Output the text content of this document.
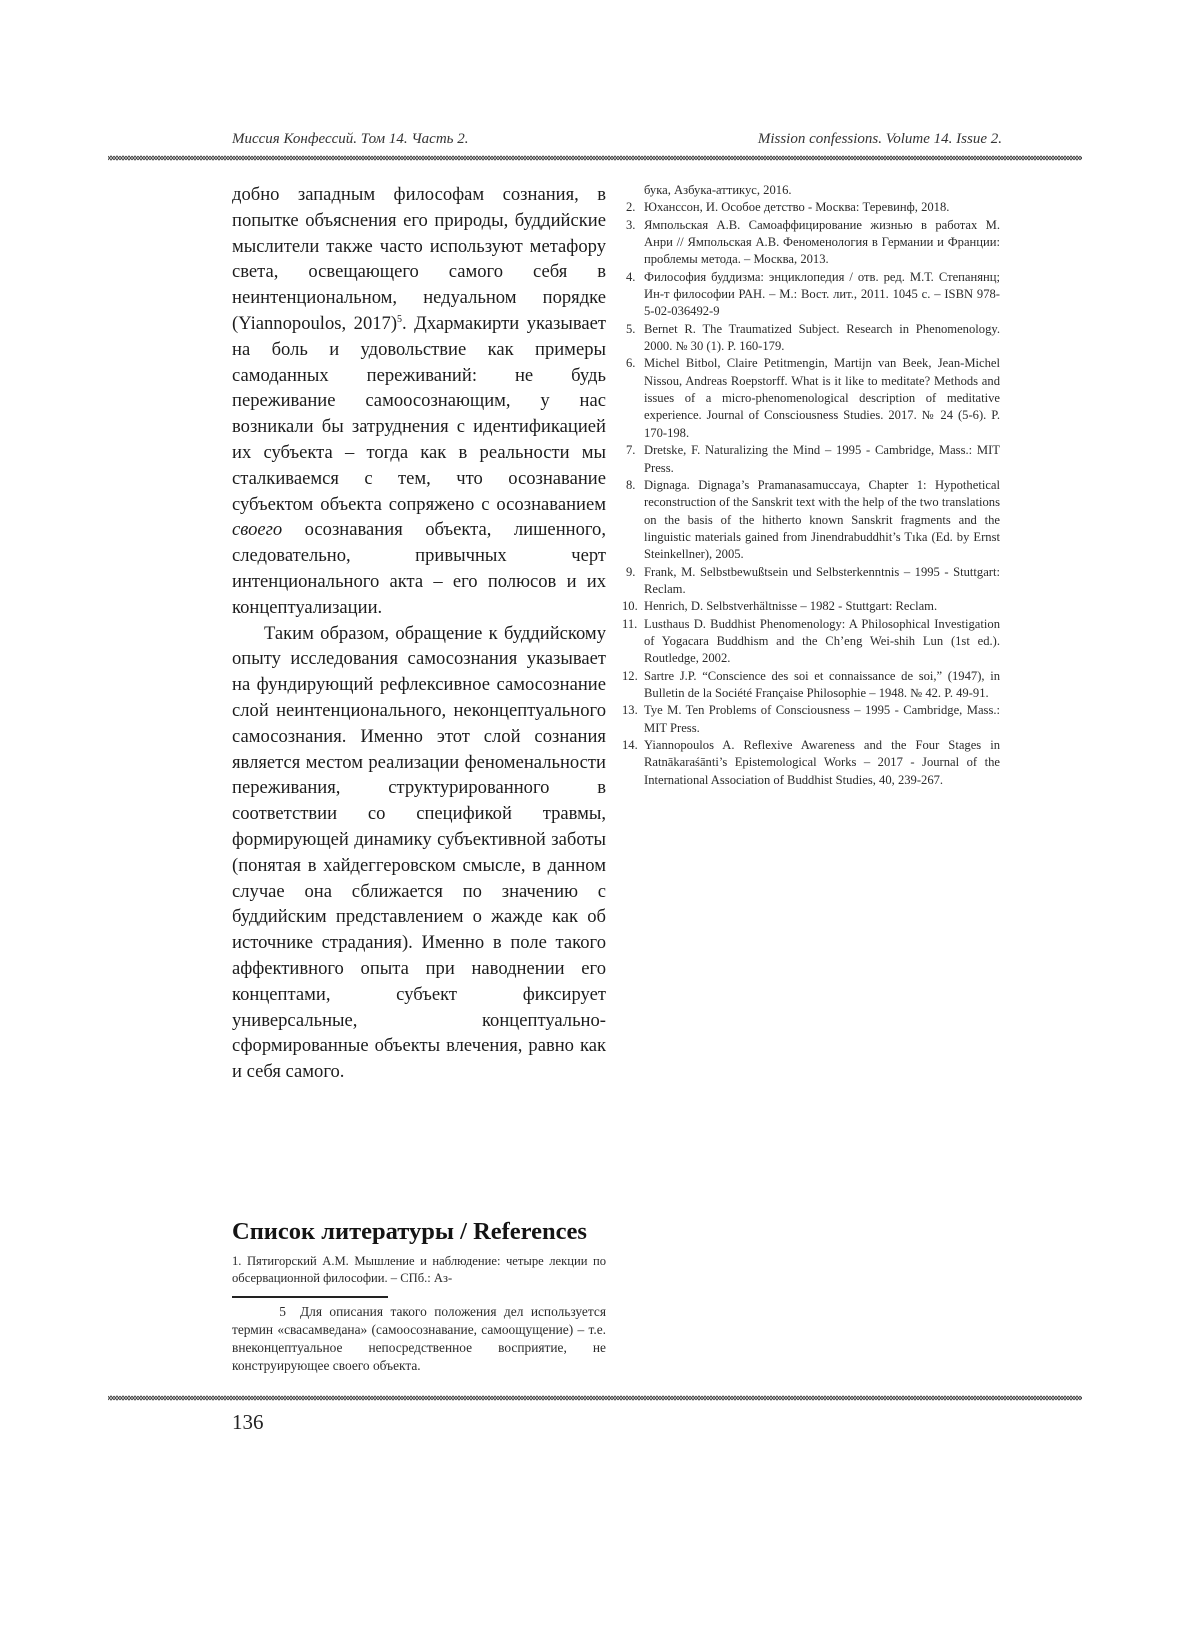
Миссия Конфессий. Том 14. Часть 2.	Mission confessions. Volume 14. Issue 2.

добно западным философам сознания, в попытке объяснения его природы, буддийские мыслители также часто используют метафору света, освещающего самого себя в неинтенциональном, недуальном порядке (Yiannopoulos, 2017)$^5$. Дхармакирти указывает на боль и удовольствие как примеры самоданных переживаний: не будь переживание самоосознающим, у нас возникали бы затруднения с идентификацией их субъекта – тогда как в реальности мы сталкиваемся с тем, что осознавание субъектом объекта сопряжено с осознаванием своего осознавания объекта, лишенного, следовательно, привычных черт интенционального акта – его полюсов и их концептуализации.

Таким образом, обращение к буддийскому опыту исследования самосознания указывает на фундирующий рефлексивное самосознание слой неинтенционального, неконцептуального самосознания. Именно этот слой сознания является местом реализации феноменальности переживания, структурированного в соответствии со спецификой травмы, формирующей динамику субъективной заботы (понятая в хайдеггеровском смысле, в данном случае она сближается по значению с буддийским представлением о жажде как об источнике страдания). Именно в поле такого аффективного опыта при наводнении его концептами, субъект фиксирует универсальные, концептуально-сформированные объекты влечения, равно как и себя самого.

Список литературы / References
1. Пятигорский А.М. Мышление и наблюдение: четыре лекции по обсервационной философии. – СПб.: Аз-
5 Для описания такого положения дел используется термин «свасамведана» (самоосознавание, самоощущение) – т.е. внеконцептуальное непосредственное восприятие, не конструирующее своего объекта.

бука, Азбука-аттикус, 2016.

2. Юханссон, И. Особое детство - Москва: Теревинф, 2018.
3. Ямпольская А.В. Самоаффицирование жизнью в работах М. Анри // Ямпольская А.В. Феноменология в Германии и Франции: проблемы метода. – Москва, 2013.
4. Философия буддизма: энциклопедия / отв. ред. М.Т. Степанянц; Ин-т философии РАН. – М.: Вост. лит., 2011. 1045 с. – ISBN 978-5-02-036492-9
5. Bernet R. The Traumatized Subject. Research in Phenomenology. 2000. № 30 (1). P. 160-179.
6. Michel Bitbol, Claire Petitmengin, Martijn van Beek, Jean-Michel Nissou, Andreas Roepstorff. What is it like to meditate? Methods and issues of a micro-phenomenological description of meditative experience. Journal of Consciousness Studies. 2017. № 24 (5-6). P. 170-198.
7. Dretske, F. Naturalizing the Mind – 1995 - Cambridge, Mass.: MIT Press.
8. Dignaga. Dignaga’s Pramanasamuccaya, Chapter 1: Hypothetical reconstruction of the Sanskrit text with the help of the two translations on the basis of the hitherto known Sanskrit fragments and the linguistic materials gained from Jinendrabuddhit’s Tıka (Ed. by Ernst Steinkellner), 2005.
9. Frank, M. Selbstbewußtsein und Selbsterkenntnis – 1995 - Stuttgart: Reclam.
10. Henrich, D. Selbstverhältnisse – 1982 - Stuttgart: Reclam.
11. Lusthaus D. Buddhist Phenomenology: A Philosophical Investigation of Yogacara Buddhism and the Ch’eng Wei-shih Lun (1st ed.). Routledge, 2002.
12. Sartre J.P. “Conscience des soi et connaissance de soi,” (1947), in Bulletin de la Société Française Philosophie – 1948. № 42. P. 49-91.
13. Tye M. Ten Problems of Consciousness – 1995 - Cambridge, Mass.: MIT Press.
14. Yiannopoulos A. Reflexive Awareness and the Four Stages in Ratnākaraśānti’s Epistemological Works – 2017 - Journal of the International Association of Buddhist Studies, 40, 239-267.
136
